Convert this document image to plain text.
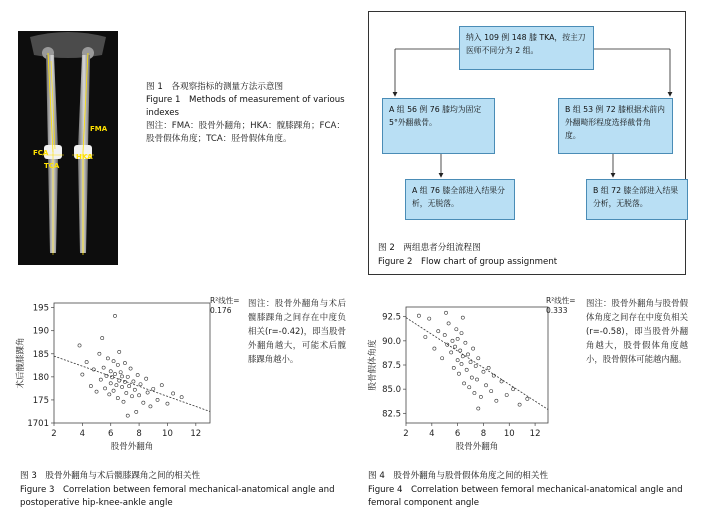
FMA
FCA	HKA
TCA
图 1　各观察指标的测量方法示意图
Figure 1　Methods of measurement of various indexes
图注：FMA：股骨外翻角；HKA：髋膝踝角；FCA：股骨假体角度；TCA：胫骨假体角度。
纳入 109 例 148 膝 TKA，按主刀医师不同分为 2 组。
A 组 56 例 76 膝均为固定 5°外翻截骨。
B 组 53 例 72 膝根据术前内外翻畸形程度选择截骨角度。
A 组 76 膝全部进入结果分析，无脱落。
B 组 72 膝全部进入结果分析，无脱落。
图 2　两组患者分组流程图
Figure 2　Flow chart of group assignment
2	4	6	8 10 12
195
190
185
180
175
1701
股骨外翻角
术后髋膝踝角
R²线性=
0.176
图注：股骨外翻角与术后髋膝踝角之间存在中度负相关(r=-0.42)，即当股骨外翻角越大，可能术后髋膝踝角越小。
图 3　股骨外翻角与术后髋膝踝角之间的相关性
Figure 3　Correlation between femoral mechanical-anatomical angle and postoperative hip-knee-ankle angle
2 4 6 8 10 12
92.5
90.0
87.5
85.0
82.5
股骨外翻角
股骨假体角度
R²线性=
0.333
图注：股骨外翻角与股骨假体角度之间存在中度负相关(r=-0.58)，即当股骨外翻角越大，股骨假体角度越小，股骨假体可能越内翻。
图 4　股骨外翻角与股骨假体角度之间的相关性
Figure 4　Correlation between femoral mechanical-anatomical angle and femoral component angle
